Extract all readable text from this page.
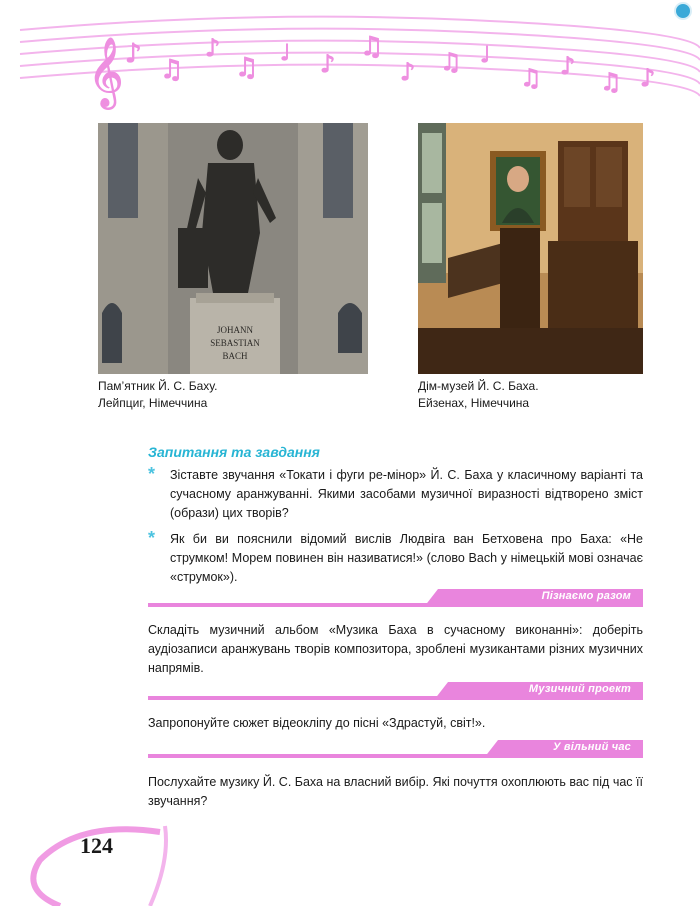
𝄞 ♪
♫
♪
♫ ♩ ♪
♫
♪ ♫ ♩
♫ ♪
♫ ♪
JOHANN
SEBASTIAN
BACH
Пам’ятник Й. С. Баху.
Лейпциг, Німеччина
Дім-музей Й. С. Баха.
Ейзенах, Німеччина
Запитання та завдання
* Зіставте звучання «Токати і фуги ре-мінор» Й. С. Баха у класичному варіанті та сучасному аранжуванні. Якими засобами музичної виразності відтворено зміст (образи) цих творів?
* Як би ви пояснили відомий вислів Людвіга ван Бетховена про Баха: «Не струмком! Морем повинен він називатися!» (слово Bach у німецькій мові означає «струмок»).
Пізнаємо разом
Складіть музичний альбом «Музика Баха в сучасному виконанні»: доберіть аудіозаписи аранжувань творів композитора, зроблені музикантами різних музичних напрямів.
Музичний проект
Запропонуйте сюжет відеокліпу до пісні «Здрастуй, світ!».
У вільний час
Послухайте музику Й. С. Баха на власний вибір. Які почуття охоплюють вас під час її звучання?
124
